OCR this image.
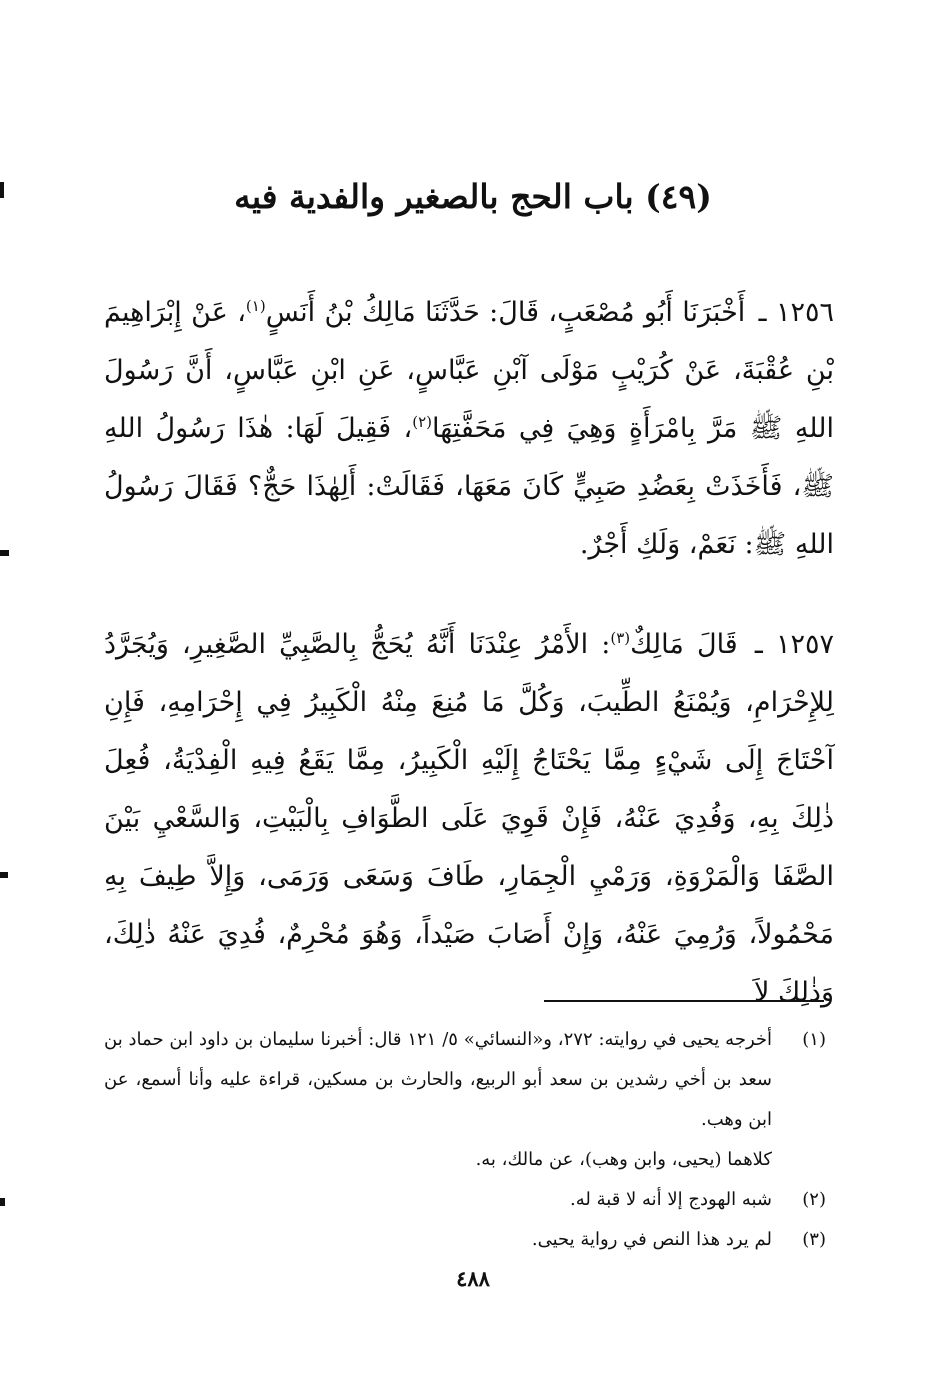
(٤٩) باب الحج بالصغير والفدية فيه

١٢٥٦ ـ أَخْبَرَنَا أَبُو مُصْعَبٍ، قَالَ: حَدَّثَنَا مَالِكُ بْنُ أَنَسٍ$^{(١)}$، عَنْ إِبْرَاهِيمَ بْنِ عُقْبَةَ، عَنْ كُرَيْبٍ مَوْلَى آبْنِ عَبَّاسٍ، عَنِ ابْنِ عَبَّاسٍ، أَنَّ رَسُولَ اللهِ ﷺ مَرَّ بِامْرَأَةٍ وَهِيَ فِي مَحَفَّتِهَا$^{(٢)}$، فَقِيلَ لَهَا: هٰذَا رَسُولُ اللهِ ﷺ، فَأَخَذَتْ بِعَضُدِ صَبِيٍّ كَانَ مَعَهَا، فَقَالَتْ: أَلِهٰذَا حَجٌّ؟ فَقَالَ رَسُولُ اللهِ ﷺ: نَعَمْ، وَلَكِ أَجْرٌ.

١٢٥٧ ـ قَالَ مَالِكٌ$^{(٣)}$: الأَمْرُ عِنْدَنَا أَنَّهُ يُحَجُّ بِالصَّبِيِّ الصَّغِيرِ، وَيُجَرَّدُ لِلإِحْرَامِ، وَيُمْنَعُ الطِّيبَ، وَكُلَّ مَا مُنِعَ مِنْهُ الْكَبِيرُ فِي إِحْرَامِهِ، فَإِنِ آحْتَاجَ إِلَى شَيْءٍ مِمَّا يَحْتَاجُ إِلَيْهِ الْكَبِيرُ، مِمَّا يَقَعُ فِيهِ الْفِدْيَةُ، فُعِلَ ذٰلِكَ بِهِ، وَفُدِيَ عَنْهُ، فَإِنْ قَوِيَ عَلَى الطَّوَافِ بِالْبَيْتِ، وَالسَّعْيِ بَيْنَ الصَّفَا وَالْمَرْوَةِ، وَرَمْيِ الْجِمَارِ، طَافَ وَسَعَى وَرَمَى، وَإِلاَّ طِيفَ بِهِ مَحْمُولاً، وَرُمِيَ عَنْهُ، وَإِنْ أَصَابَ صَيْداً، وَهُوَ مُحْرِمٌ، فُدِيَ عَنْهُ ذٰلِكَ، وَذٰلِكَ لاَ

(١)
أخرجه يحيى في روايته: ٢٧٢، و«النسائي» ٥/ ١٢١ قال: أخبرنا سليمان بن داود ابن حماد بن سعد بن أخي رشدين بن سعد أبو الربيع، والحارث بن مسكين، قراءة عليه وأنا أسمع، عن ابن وهب.
كلاهما (يحيى، وابن وهب)، عن مالك، به.
(٢)
شبه الهودج إلا أنه لا قبة له.
(٣)
لم يرد هذا النص في رواية يحيى.
٤٨٨
